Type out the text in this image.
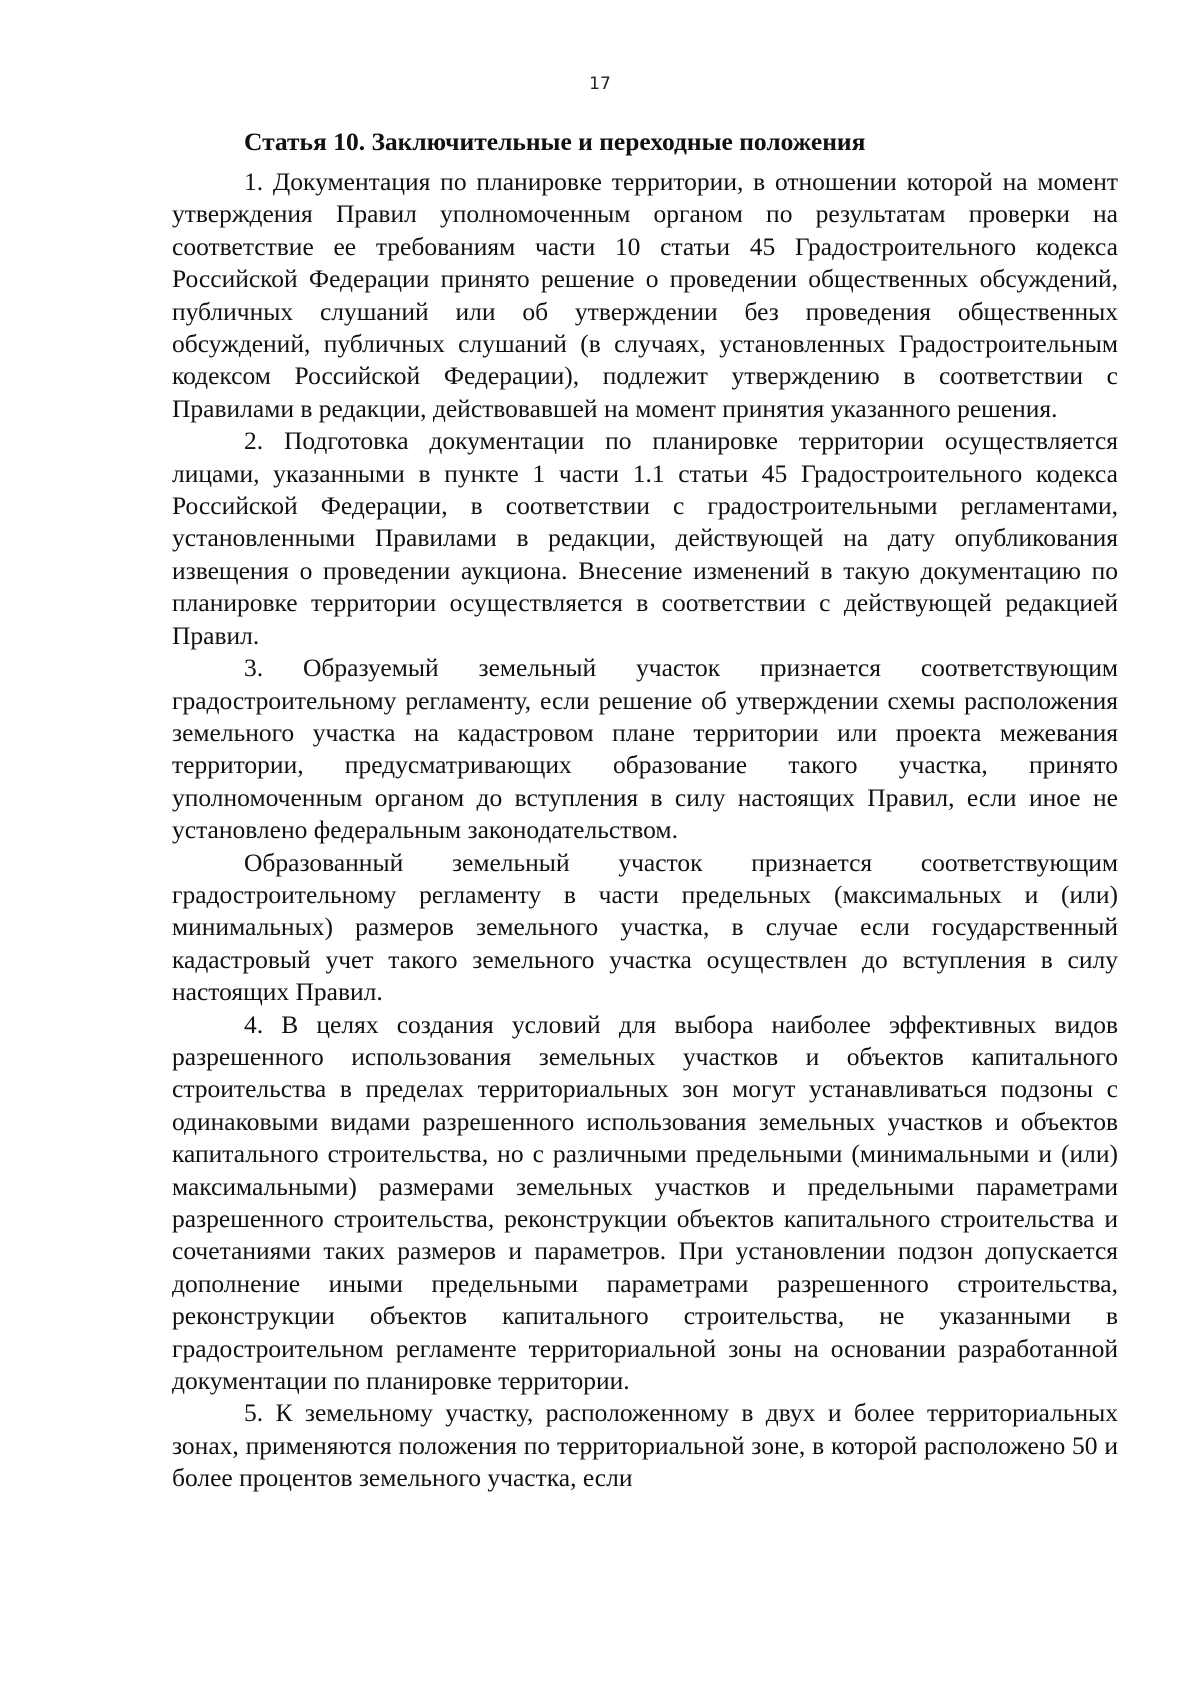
17
Статья 10. Заключительные и переходные положения

1. Документация по планировке территории, в отношении которой на момент утверждения Правил уполномоченным органом по результатам проверки на соответствие ее требованиям части 10 статьи 45 Градостроительного кодекса Российской Федерации принято решение о проведении общественных обсуждений, публичных слушаний или об утверждении без проведения общественных обсуждений, публичных слушаний (в случаях, установленных Градостроительным кодексом Российской Федерации), подлежит утверждению в соответствии с Правилами в редакции, действовавшей на момент принятия указанного решения.

2. Подготовка документации по планировке территории осуществляется лицами, указанными в пункте 1 части 1.1 статьи 45 Градостроительного кодекса Российской Федерации, в соответствии с градостроительными регламентами, установленными Правилами в редакции, действующей на дату опубликования извещения о проведении аукциона. Внесение изменений в такую документацию по планировке территории осуществляется в соответствии с действующей редакцией Правил.

3. Образуемый земельный участок признается соответствующим градостроительному регламенту, если решение об утверждении схемы расположения земельного участка на кадастровом плане территории или проекта межевания территории, предусматривающих образование такого участка, принято уполномоченным органом до вступления в силу настоящих Правил, если иное не установлено федеральным законодательством.

Образованный земельный участок признается соответствующим градостроительному регламенту в части предельных (максимальных и (или) минимальных) размеров земельного участка, в случае если государственный кадастровый учет такого земельного участка осуществлен до вступления в силу настоящих Правил.

4. В целях создания условий для выбора наиболее эффективных видов разрешенного использования земельных участков и объектов капитального строительства в пределах территориальных зон могут устанавливаться подзоны с одинаковыми видами разрешенного использования земельных участков и объектов капитального строительства, но с различными предельными (минимальными и (или) максимальными) размерами земельных участков и предельными параметрами разрешенного строительства, реконструкции объектов капитального строительства и сочетаниями таких размеров и параметров. При установлении подзон допускается дополнение иными предельными параметрами разрешенного строительства, реконструкции объектов капитального строительства, не указанными в градостроительном регламенте территориальной зоны на основании разработанной документации по планировке территории.

5. К земельному участку, расположенному в двух и более территориальных зонах, применяются положения по территориальной зоне, в которой расположено 50 и более процентов земельного участка, если
